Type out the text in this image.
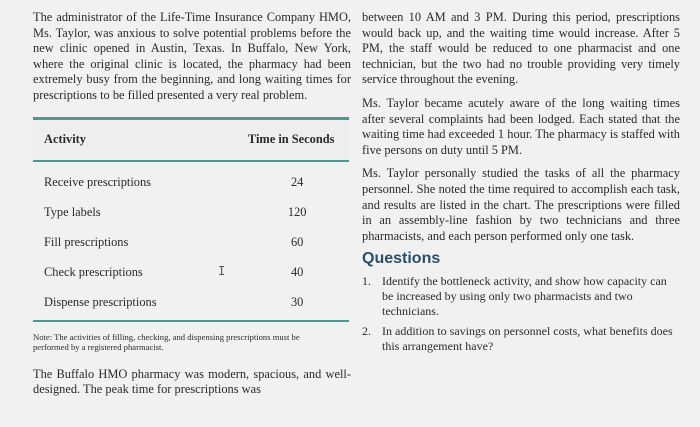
The administrator of the Life-Time Insurance Company HMO, Ms. Taylor, was anxious to solve potential problems before the new clinic opened in Austin, Texas. In Buffalo, New York, where the original clinic is located, the pharmacy had been extremely busy from the beginning, and long waiting times for prescriptions to be filled presented a very real problem.

Activity	Time in Seconds
Receive prescriptions	24
Type labels	120
Fill prescriptions	60
Check prescriptions	40
Dispense prescriptions	30
Note: The activities of filling, checking, and dispensing prescriptions must be performed by a registered pharmacist.

The Buffalo HMO pharmacy was modern, spacious, and well-designed. The peak time for prescriptions was

between 10 AM and 3 PM. During this period, prescriptions would back up, and the waiting time would increase. After 5 PM, the staff would be reduced to one pharmacist and one technician, but the two had no trouble providing very timely service throughout the evening.

Ms. Taylor became acutely aware of the long waiting times after several complaints had been lodged. Each stated that the waiting time had exceeded 1 hour. The pharmacy is staffed with five persons on duty until 5 PM.

Ms. Taylor personally studied the tasks of all the pharmacy personnel. She noted the time required to accomplish each task, and results are listed in the chart. The prescriptions were filled in an assembly-line fashion by two technicians and three pharmacists, and each person performed only one task.

Questions
1. Identify the bottleneck activity, and show how capacity can be increased by using only two pharmacists and two technicians.
2. In addition to savings on personnel costs, what benefits does this arrangement have?
I
